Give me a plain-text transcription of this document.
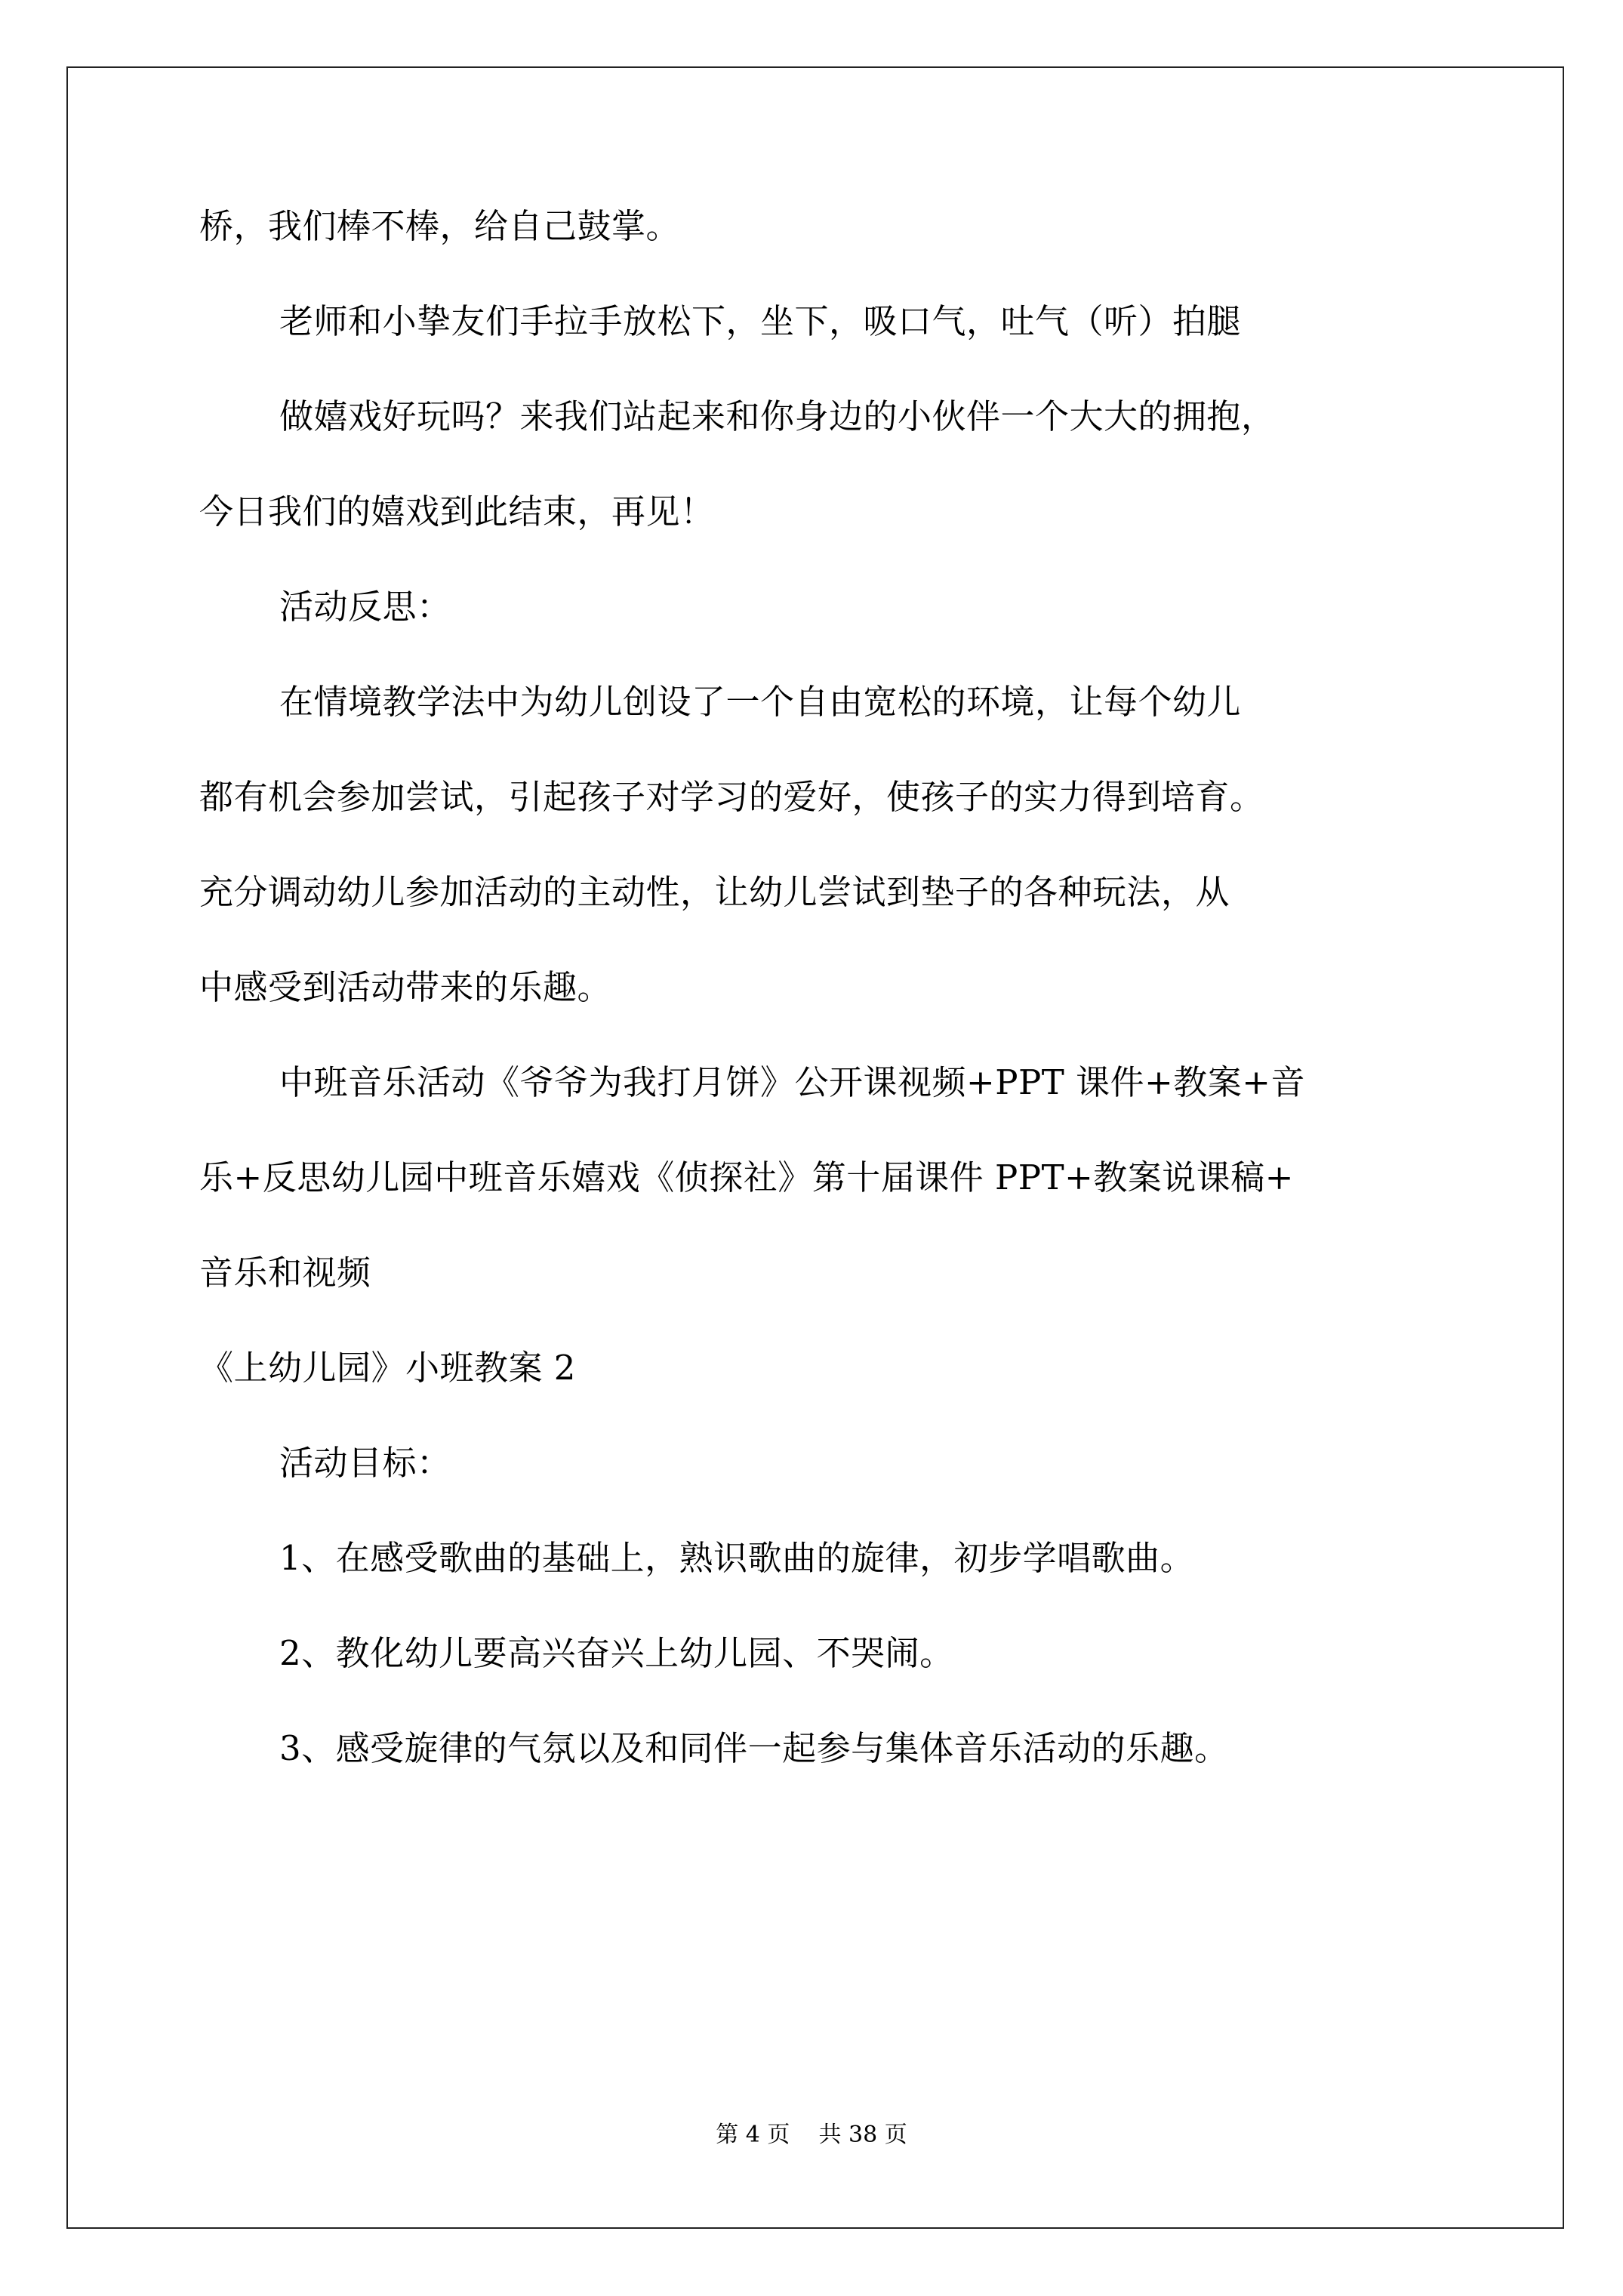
桥，我们棒不棒，给自己鼓掌。
老师和小挚友们手拉手放松下，坐下，吸口气，吐气（听）拍腿
做嬉戏好玩吗？来我们站起来和你身边的小伙伴一个大大的拥抱，
今日我们的嬉戏到此结束，再见！
活动反思：
在情境教学法中为幼儿创设了一个自由宽松的环境，让每个幼儿
都有机会参加尝试，引起孩子对学习的爱好，使孩子的实力得到培育。
充分调动幼儿参加活动的主动性，让幼儿尝试到垫子的各种玩法，从
中感受到活动带来的乐趣。
中班音乐活动《爷爷为我打月饼》公开课视频+PPT 课件+教案+音
乐+反思幼儿园中班音乐嬉戏《侦探社》第十届课件 PPT+教案说课稿+
音乐和视频
《上幼儿园》小班教案 2
活动目标：
1、在感受歌曲的基础上，熟识歌曲的旋律，初步学唱歌曲。
2、教化幼儿要高兴奋兴上幼儿园、不哭闹。
3、感受旋律的气氛以及和同伴一起参与集体音乐活动的乐趣。
第 4 页    共 38 页
